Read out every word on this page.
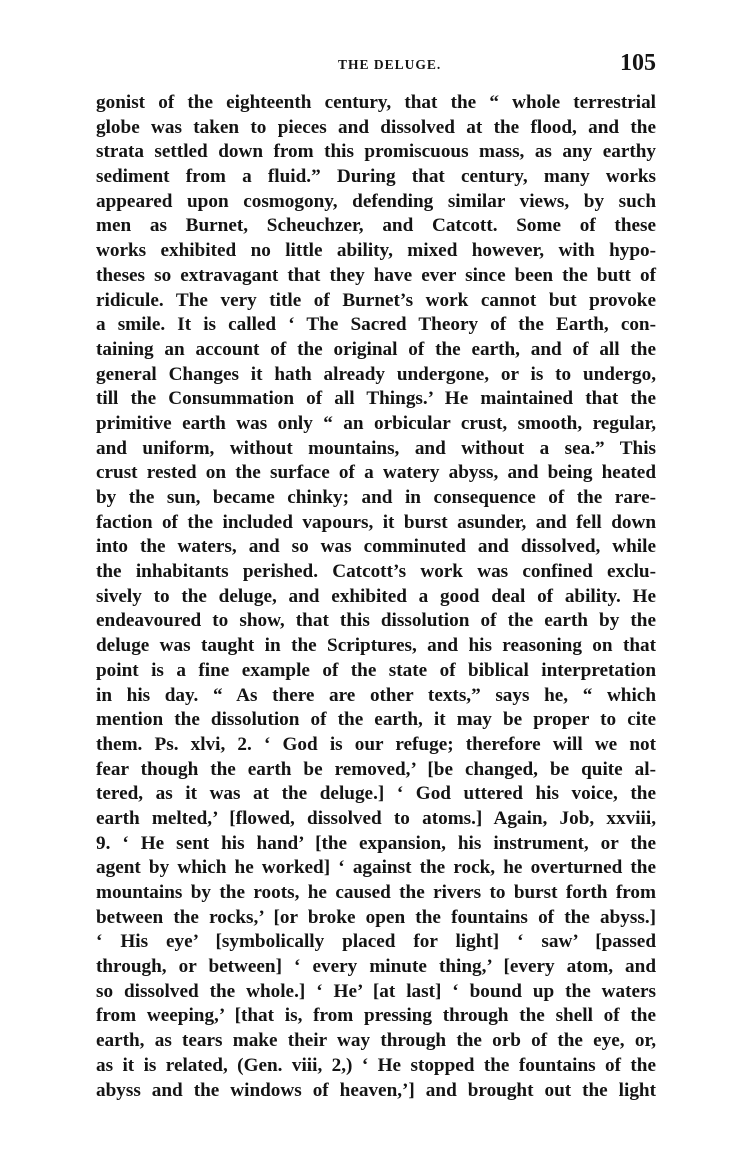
THE DELUGE.	105
gonist of the eighteenth century, that the “ whole terrestrial
globe was taken to pieces and dissolved at the flood, and the
strata settled down from this promiscuous mass, as any earthy
sediment from a fluid.” During that century, many works
appeared upon cosmogony, defending similar views, by such
men as Burnet, Scheuchzer, and Catcott. Some of these
works exhibited no little ability, mixed however, with hypo-
theses so extravagant that they have ever since been the butt of
ridicule. The very title of Burnet’s work cannot but provoke
a smile. It is called ‘ The Sacred Theory of the Earth, con-
taining an account of the original of the earth, and of all the
general Changes it hath already undergone, or is to undergo,
till the Consummation of all Things.’ He maintained that the
primitive earth was only “ an orbicular crust, smooth, regular,
and uniform, without mountains, and without a sea.” This
crust rested on the surface of a watery abyss, and being heated
by the sun, became chinky; and in consequence of the rare-
faction of the included vapours, it burst asunder, and fell down
into the waters, and so was comminuted and dissolved, while
the inhabitants perished. Catcott’s work was confined exclu-
sively to the deluge, and exhibited a good deal of ability. He
endeavoured to show, that this dissolution of the earth by the
deluge was taught in the Scriptures, and his reasoning on that
point is a fine example of the state of biblical interpretation
in his day. “ As there are other texts,” says he, “ which
mention the dissolution of the earth, it may be proper to cite
them. Ps. xlvi, 2. ‘ God is our refuge; therefore will we not
fear though the earth be removed,’ [be changed, be quite al-
tered, as it was at the deluge.] ‘ God uttered his voice, the
earth melted,’ [flowed, dissolved to atoms.] Again, Job, xxviii,
9. ‘ He sent his hand’ [the expansion, his instrument, or the
agent by which he worked] ‘ against the rock, he overturned the
mountains by the roots, he caused the rivers to burst forth from
between the rocks,’ [or broke open the fountains of the abyss.]
‘ His eye’ [symbolically placed for light] ‘ saw’ [passed
through, or between] ‘ every minute thing,’ [every atom, and
so dissolved the whole.] ‘ He’ [at last] ‘ bound up the waters
from weeping,’ [that is, from pressing through the shell of the
earth, as tears make their way through the orb of the eye, or,
as it is related, (Gen. viii, 2,) ‘ He stopped the fountains of the
abyss and the windows of heaven,’] and brought out the light
